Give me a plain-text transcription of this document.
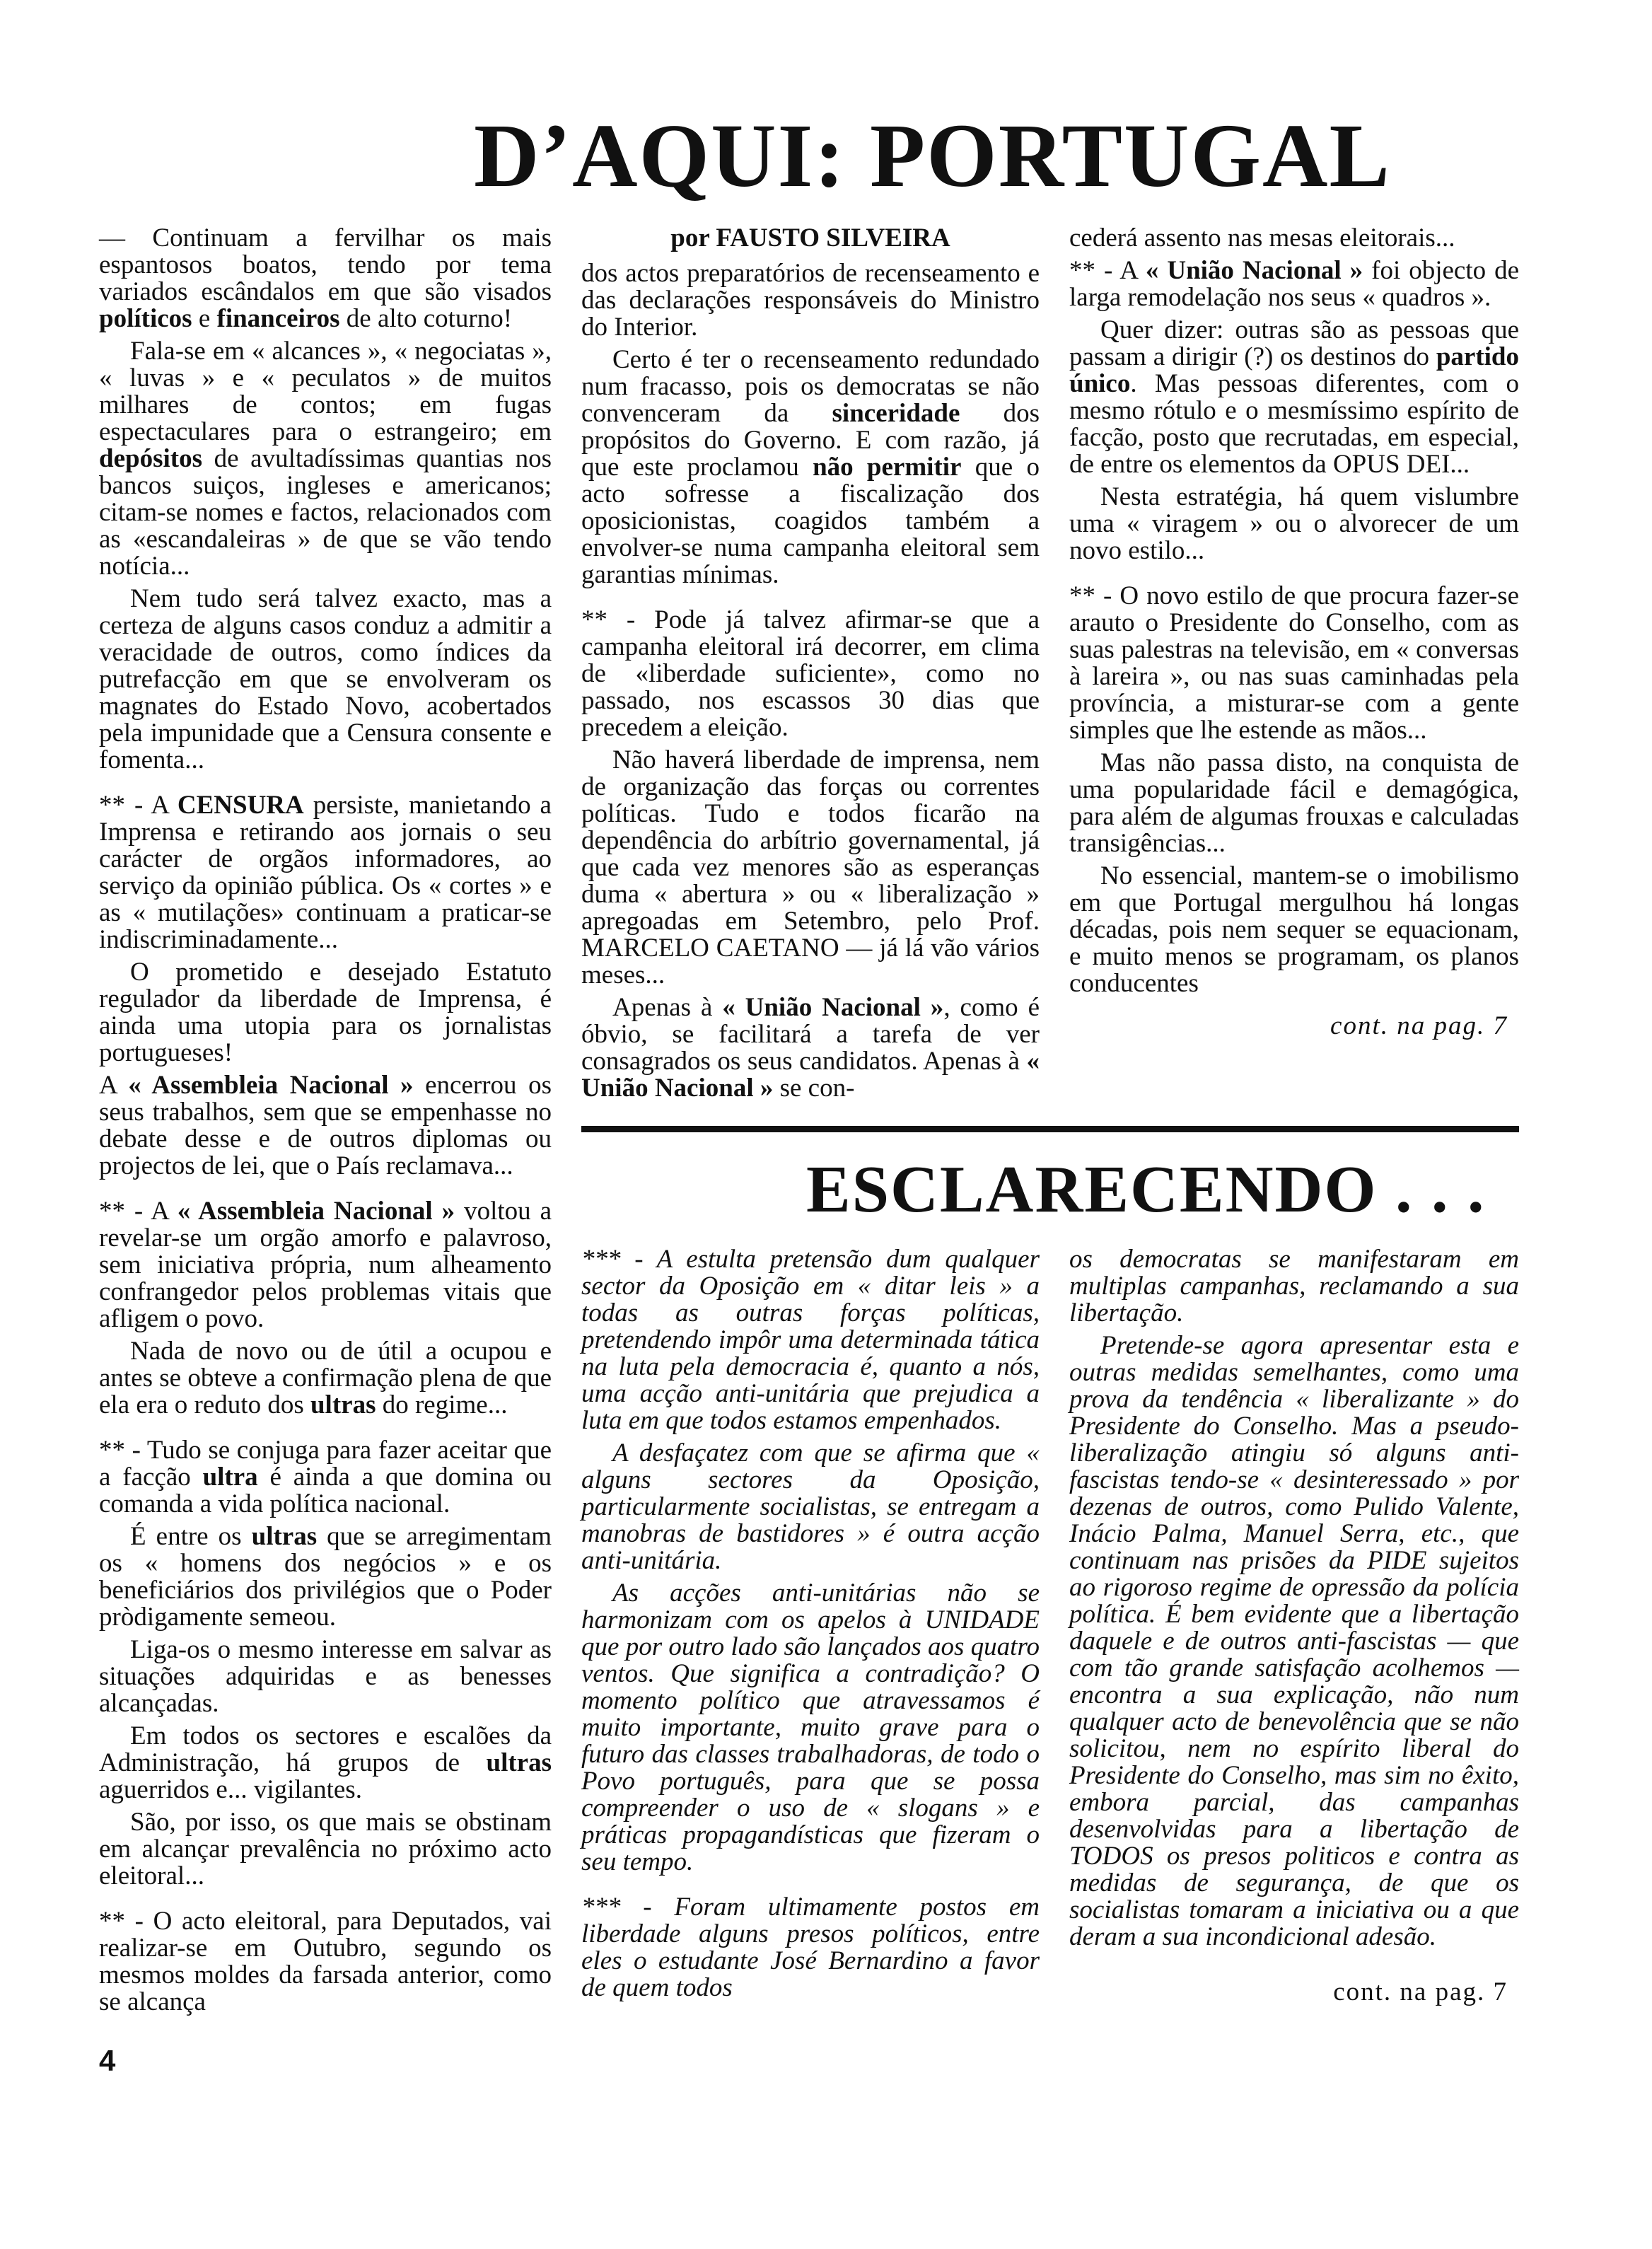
D’AQUI: PORTUGAL

— Continuam a fervilhar os mais espantosos boatos, tendo por tema variados escândalos em que são visados políticos e financeiros de alto coturno!

Fala-se em « alcances », « negociatas », « luvas » e « peculatos » de muitos milhares de contos; em fugas espectaculares para o estrangeiro; em depósitos de avultadíssimas quantias nos bancos suiços, ingleses e americanos; citam-se nomes e factos, relacionados com as «escandaleiras » de que se vão tendo notícia...

Nem tudo será talvez exacto, mas a certeza de alguns casos conduz a admitir a veracidade de outros, como índices da putrefacção em que se envolveram os magnates do Estado Novo, acobertados pela impunidade que a Censura consente e fomenta...

** - A CENSURA persiste, manietando a Imprensa e retirando aos jornais o seu carácter de orgãos informadores, ao serviço da opinião pública. Os « cortes » e as « mutilações» continuam a praticar-se indiscriminadamente...

O prometido e desejado Estatuto regulador da liberdade de Imprensa, é ainda uma utopia para os jornalistas portugueses!

A « Assembleia Nacional » encerrou os seus trabalhos, sem que se empenhasse no debate desse e de outros diplomas ou projectos de lei, que o País reclamava...

** - A « Assembleia Nacional » voltou a revelar-se um orgão amorfo e palavroso, sem iniciativa própria, num alheamento confrangedor pelos problemas vitais que afligem o povo.

Nada de novo ou de útil a ocupou e antes se obteve a confirmação plena de que ela era o reduto dos ultras do regime...

** - Tudo se conjuga para fazer aceitar que a facção ultra é ainda a que domina ou comanda a vida política nacional.

É entre os ultras que se arregimentam os « homens dos negócios » e os beneficiários dos privilégios que o Poder pròdigamente semeou.

Liga-os o mesmo interesse em salvar as situações adquiridas e as benesses alcançadas.

Em todos os sectores e escalões da Administração, há grupos de ultras aguerridos e... vigilantes.

São, por isso, os que mais se obstinam em alcançar prevalência no próximo acto eleitoral...

** - O acto eleitoral, para Deputados, vai realizar-se em Outubro, segundo os mesmos moldes da farsada anterior, como se alcança

por FAUSTO SILVEIRA

dos actos preparatórios de recenseamento e das declarações responsáveis do Ministro do Interior.

Certo é ter o recenseamento redundado num fracasso, pois os democratas se não convenceram da sinceridade dos propósitos do Governo. E com razão, já que este proclamou não permitir que o acto sofresse a fiscalização dos oposicionistas, coagidos também a envolver-se numa campanha eleitoral sem garantias mínimas.

** - Pode já talvez afirmar-se que a campanha eleitoral irá decorrer, em clima de «liberdade suficiente», como no passado, nos escassos 30 dias que precedem a eleição.

Não haverá liberdade de imprensa, nem de organização das forças ou correntes políticas. Tudo e todos ficarão na dependência do arbítrio governamental, já que cada vez menores são as esperanças duma « abertura » ou « liberalização » apregoadas em Setembro, pelo Prof. MARCELO CAETANO — já lá vão vários meses...

Apenas à « União Nacional », como é óbvio, se facilitará a tarefa de ver consagrados os seus candidatos. Apenas à « União Nacional » se con-

cederá assento nas mesas eleitorais...

** - A « União Nacional » foi objecto de larga remodelação nos seus « quadros ».

Quer dizer: outras são as pessoas que passam a dirigir (?) os destinos do partido único. Mas pessoas diferentes, com o mesmo rótulo e o mesmíssimo espírito de facção, posto que recrutadas, em especial, de entre os elementos da OPUS DEI...

Nesta estratégia, há quem vislumbre uma « viragem » ou o alvorecer de um novo estilo...

** - O novo estilo de que procura fazer-se arauto o Presidente do Conselho, com as suas palestras na televisão, em « conversas à lareira », ou nas suas caminhadas pela província, a misturar-se com a gente simples que lhe estende as mãos...

Mas não passa disto, na conquista de uma popularidade fácil e demagógica, para além de algumas frouxas e calculadas transigências...

No essencial, mantem-se o imobilismo em que Portugal mergulhou há longas décadas, pois nem sequer se equacionam, e muito menos se programam, os planos conducentes

cont. na pag. 7

ESCLARECENDO . . .

*** - A estulta pretensão dum qualquer sector da Oposição em « ditar leis » a todas as outras forças políticas, pretendendo impôr uma determinada tática na luta pela democracia é, quanto a nós, uma acção anti-unitária que prejudica a luta em que todos estamos empenhados.

A desfaçatez com que se afirma que « alguns sectores da Oposição, particularmente socialistas, se entregam a manobras de bastidores » é outra acção anti-unitária.

As acções anti-unitárias não se harmonizam com os apelos à UNIDADE que por outro lado são lançados aos quatro ventos. Que significa a contradição? O momento político que atravessamos é muito importante, muito grave para o futuro das classes trabalhadoras, de todo o Povo português, para que se possa compreender o uso de « slogans » e práticas propagandísticas que fizeram o seu tempo.

*** - Foram ultimamente postos em liberdade alguns presos políticos, entre eles o estudante José Bernardino a favor de quem todos

os democratas se manifestaram em multiplas campanhas, reclamando a sua libertação.

Pretende-se agora apresentar esta e outras medidas semelhantes, como uma prova da tendência « liberalizante » do Presidente do Conselho. Mas a pseudo-liberalização atingiu só alguns anti-fascistas tendo-se « desinteressado » por dezenas de outros, como Pulido Valente, Inácio Palma, Manuel Serra, etc., que continuam nas prisões da PIDE sujeitos ao rigoroso regime de opressão da polícia política. É bem evidente que a libertação daquele e de outros anti-fascistas — que com tão grande satisfação acolhemos — encontra a sua explicação, não num qualquer acto de benevolência que se não solicitou, nem no espírito liberal do Presidente do Conselho, mas sim no êxito, embora parcial, das campanhas desenvolvidas para a libertação de TODOS os presos politicos e contra as medidas de segurança, de que os socialistas tomaram a iniciativa ou a que deram a sua incondicional adesão.

cont. na pag. 7

4
